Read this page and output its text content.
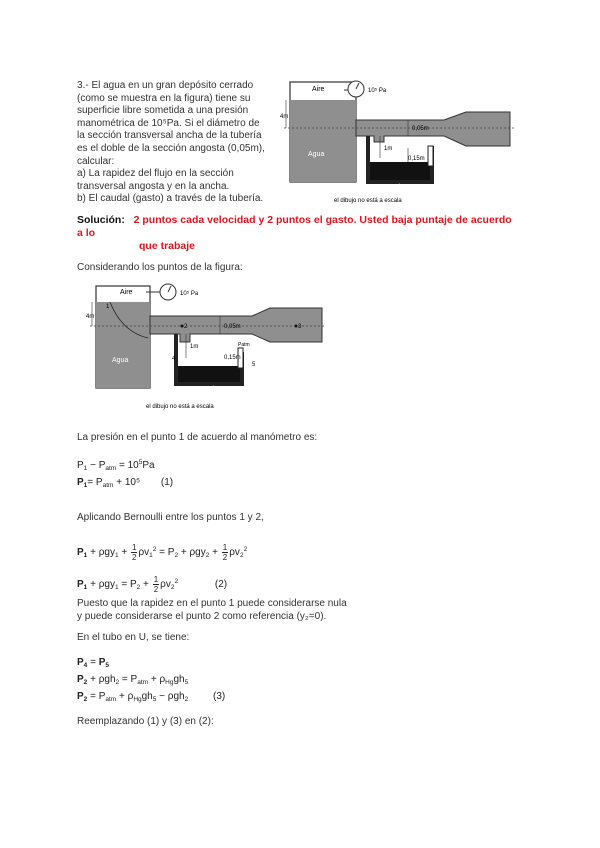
3.- El agua en un gran depósito cerrado
(como se muestra en la figura) tiene su
superficie libre sometida a una presión
manométrica de 10⁵Pa. Si el diámetro de
la sección transversal ancha de la tubería
es el doble de la sección angosta (0,05m),
calcular:
a) La rapidez del flujo en la sección
transversal angosta y en la ancha.
b) El caudal (gasto) a través de la tubería.
10⁵ Pa
Aire
4m
0,05m
1m
0,15m
Agua
mercurio
el dibujo no está a escala
Solución: 2 puntos cada velocidad y 2 puntos el gasto. Usted baja puntaje de acuerdo a lo
que trabaje
Considerando los puntos de la figura:
10⁵ Pa
Aire
4m
1
2	3
4
5
0,05m
1m
0,15m
Patm
Agua
mercurio
el dibujo no está a escala
La presión en el punto 1 de acuerdo al manómetro es:
$P_1 - P_{atm} = 10^5Pa$
$P_1= P_{atm} + 10^5$ (1)
Aplicando Bernoulli entre los puntos 1 y 2,
$P_1 + \rho gy_1 + \frac{1}{2} \rho v_1^2 = P_2 + \rho gy_2 + \frac{1}{2} \rho v_2^2$
$P_1 + \rho gy_1 = P_2 + \frac{1}{2} \rho v_2^2$	(2)
Puesto que la rapidez en el punto 1 puede considerarse nula
y puede considerarse el punto 2 como referencia (y₂=0).
En el tubo en U, se tiene:
$P_4 = P_5$
$P_2 + \rho gh_2 = P_{atm} + \rho_{Hg}gh_5$
$P_2 = P_{atm} + \rho_{Hg}gh_5 - \rho gh_2$ (3)
Reemplazando (1) y (3) en (2):
